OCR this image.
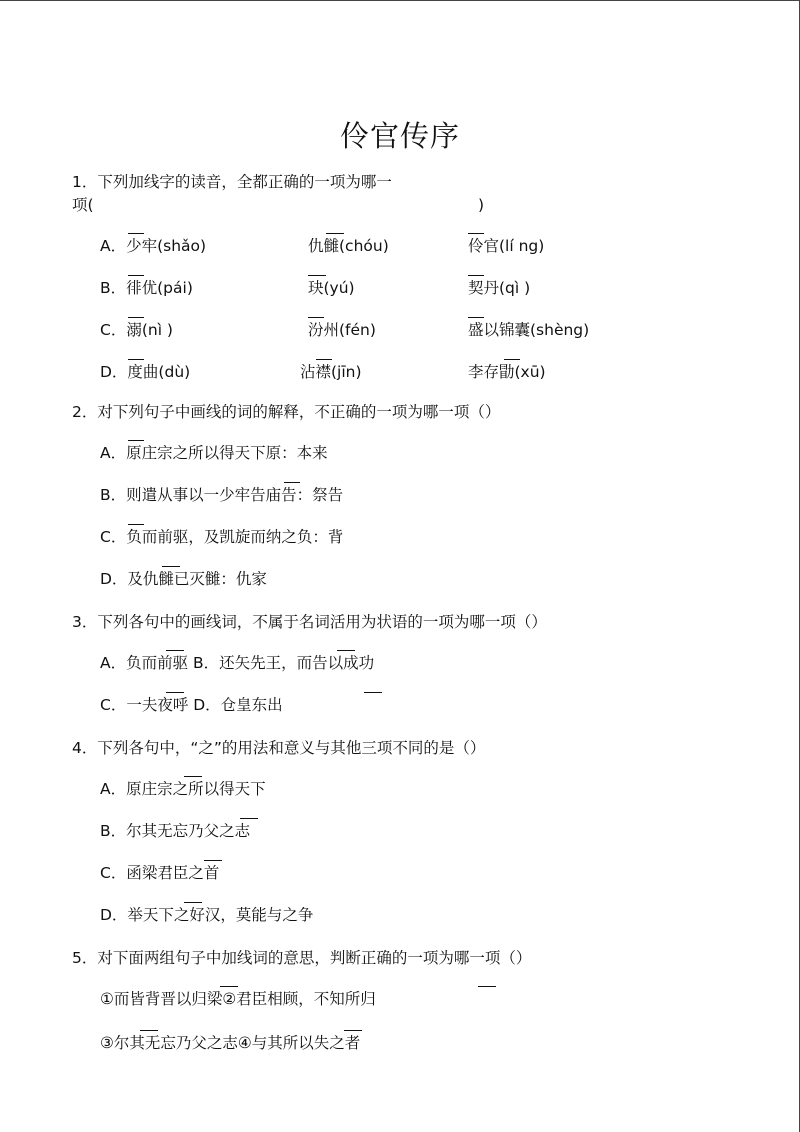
伶官传序
1．下列加线字的读音，全都正确的一项为哪一
项(	)
A．少牢(shǎo)	仇雠(chóu)	伶官(lí ng)
B．徘优(pái)	玦(yú)	契丹(qì )
C．溺(nì )	汾州(fén)	盛以锦囊(shèng)
D．度曲(dù)	沾襟(jīn)	李存勖(xū)
2．对下列句子中画线的词的解释，不正确的一项为哪一项（）
A．原庄宗之所以得天下原：本来
B．则遣从事以一少牢告庙告：祭告
C．负而前驱，及凯旋而纳之负：背
D．及仇雠已灭雠：仇家
3．下列各句中的画线词，不属于名词活用为状语的一项为哪一项（）
A．负而前驱 B．还矢先王，而告以成功
C．一夫夜呼 D．仓皇东出
4．下列各句中，“之”的用法和意义与其他三项不同的是（）
A．原庄宗之所以得天下
B．尔其无忘乃父之志
C．函梁君臣之首
D．举天下之好汉，莫能与之争
5．对下面两组句子中加线词的意思，判断正确的一项为哪一项（）
①而皆背晋以归梁②君臣相顾，不知所归
③尔其无忘乃父之志④与其所以失之者
